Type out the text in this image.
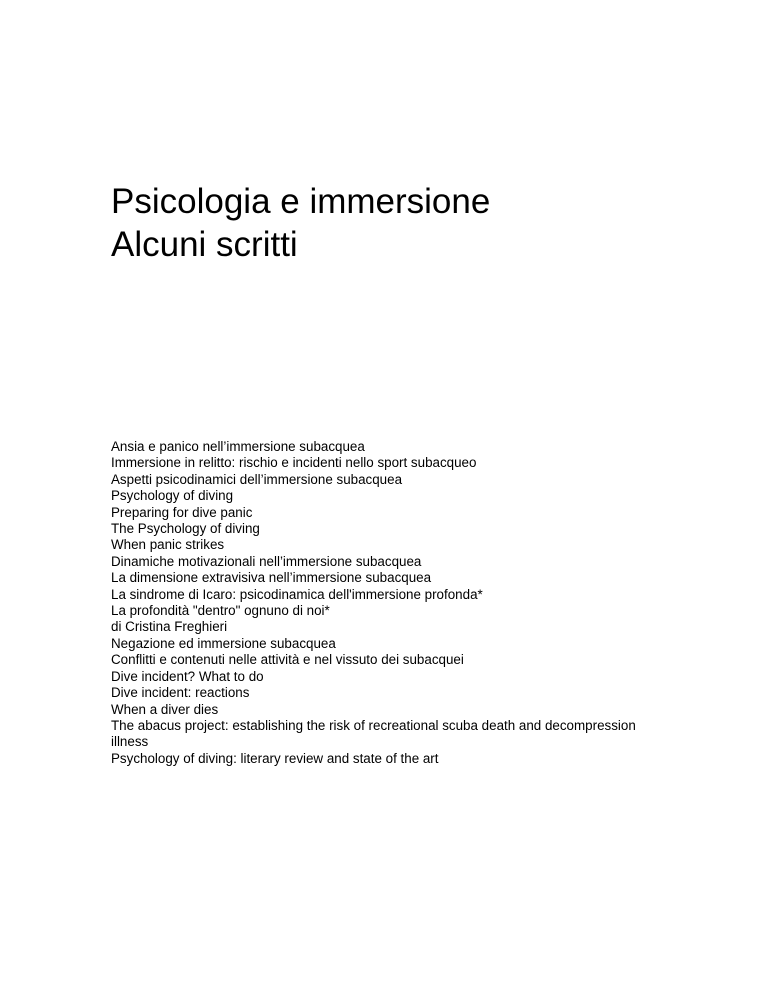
Psicologia e immersione
Alcuni scritti
Ansia e panico nell’immersione subacquea
Immersione in relitto: rischio e incidenti nello sport subacqueo
Aspetti psicodinamici dell’immersione subacquea
Psychology of diving
Preparing for dive panic
The Psychology of diving
When panic strikes
Dinamiche motivazionali nell’immersione subacquea
La dimensione extravisiva nell’immersione subacquea
La sindrome di Icaro: psicodinamica dell'immersione profonda*
La profondità "dentro" ognuno di noi*
di Cristina Freghieri
Negazione ed immersione subacquea
Conflitti e contenuti nelle attività e nel vissuto dei subacquei
Dive incident? What to do
Dive incident: reactions
When a diver dies
The abacus project: establishing the risk of recreational scuba death and decompression illness
Psychology of diving: literary review and state of the art
